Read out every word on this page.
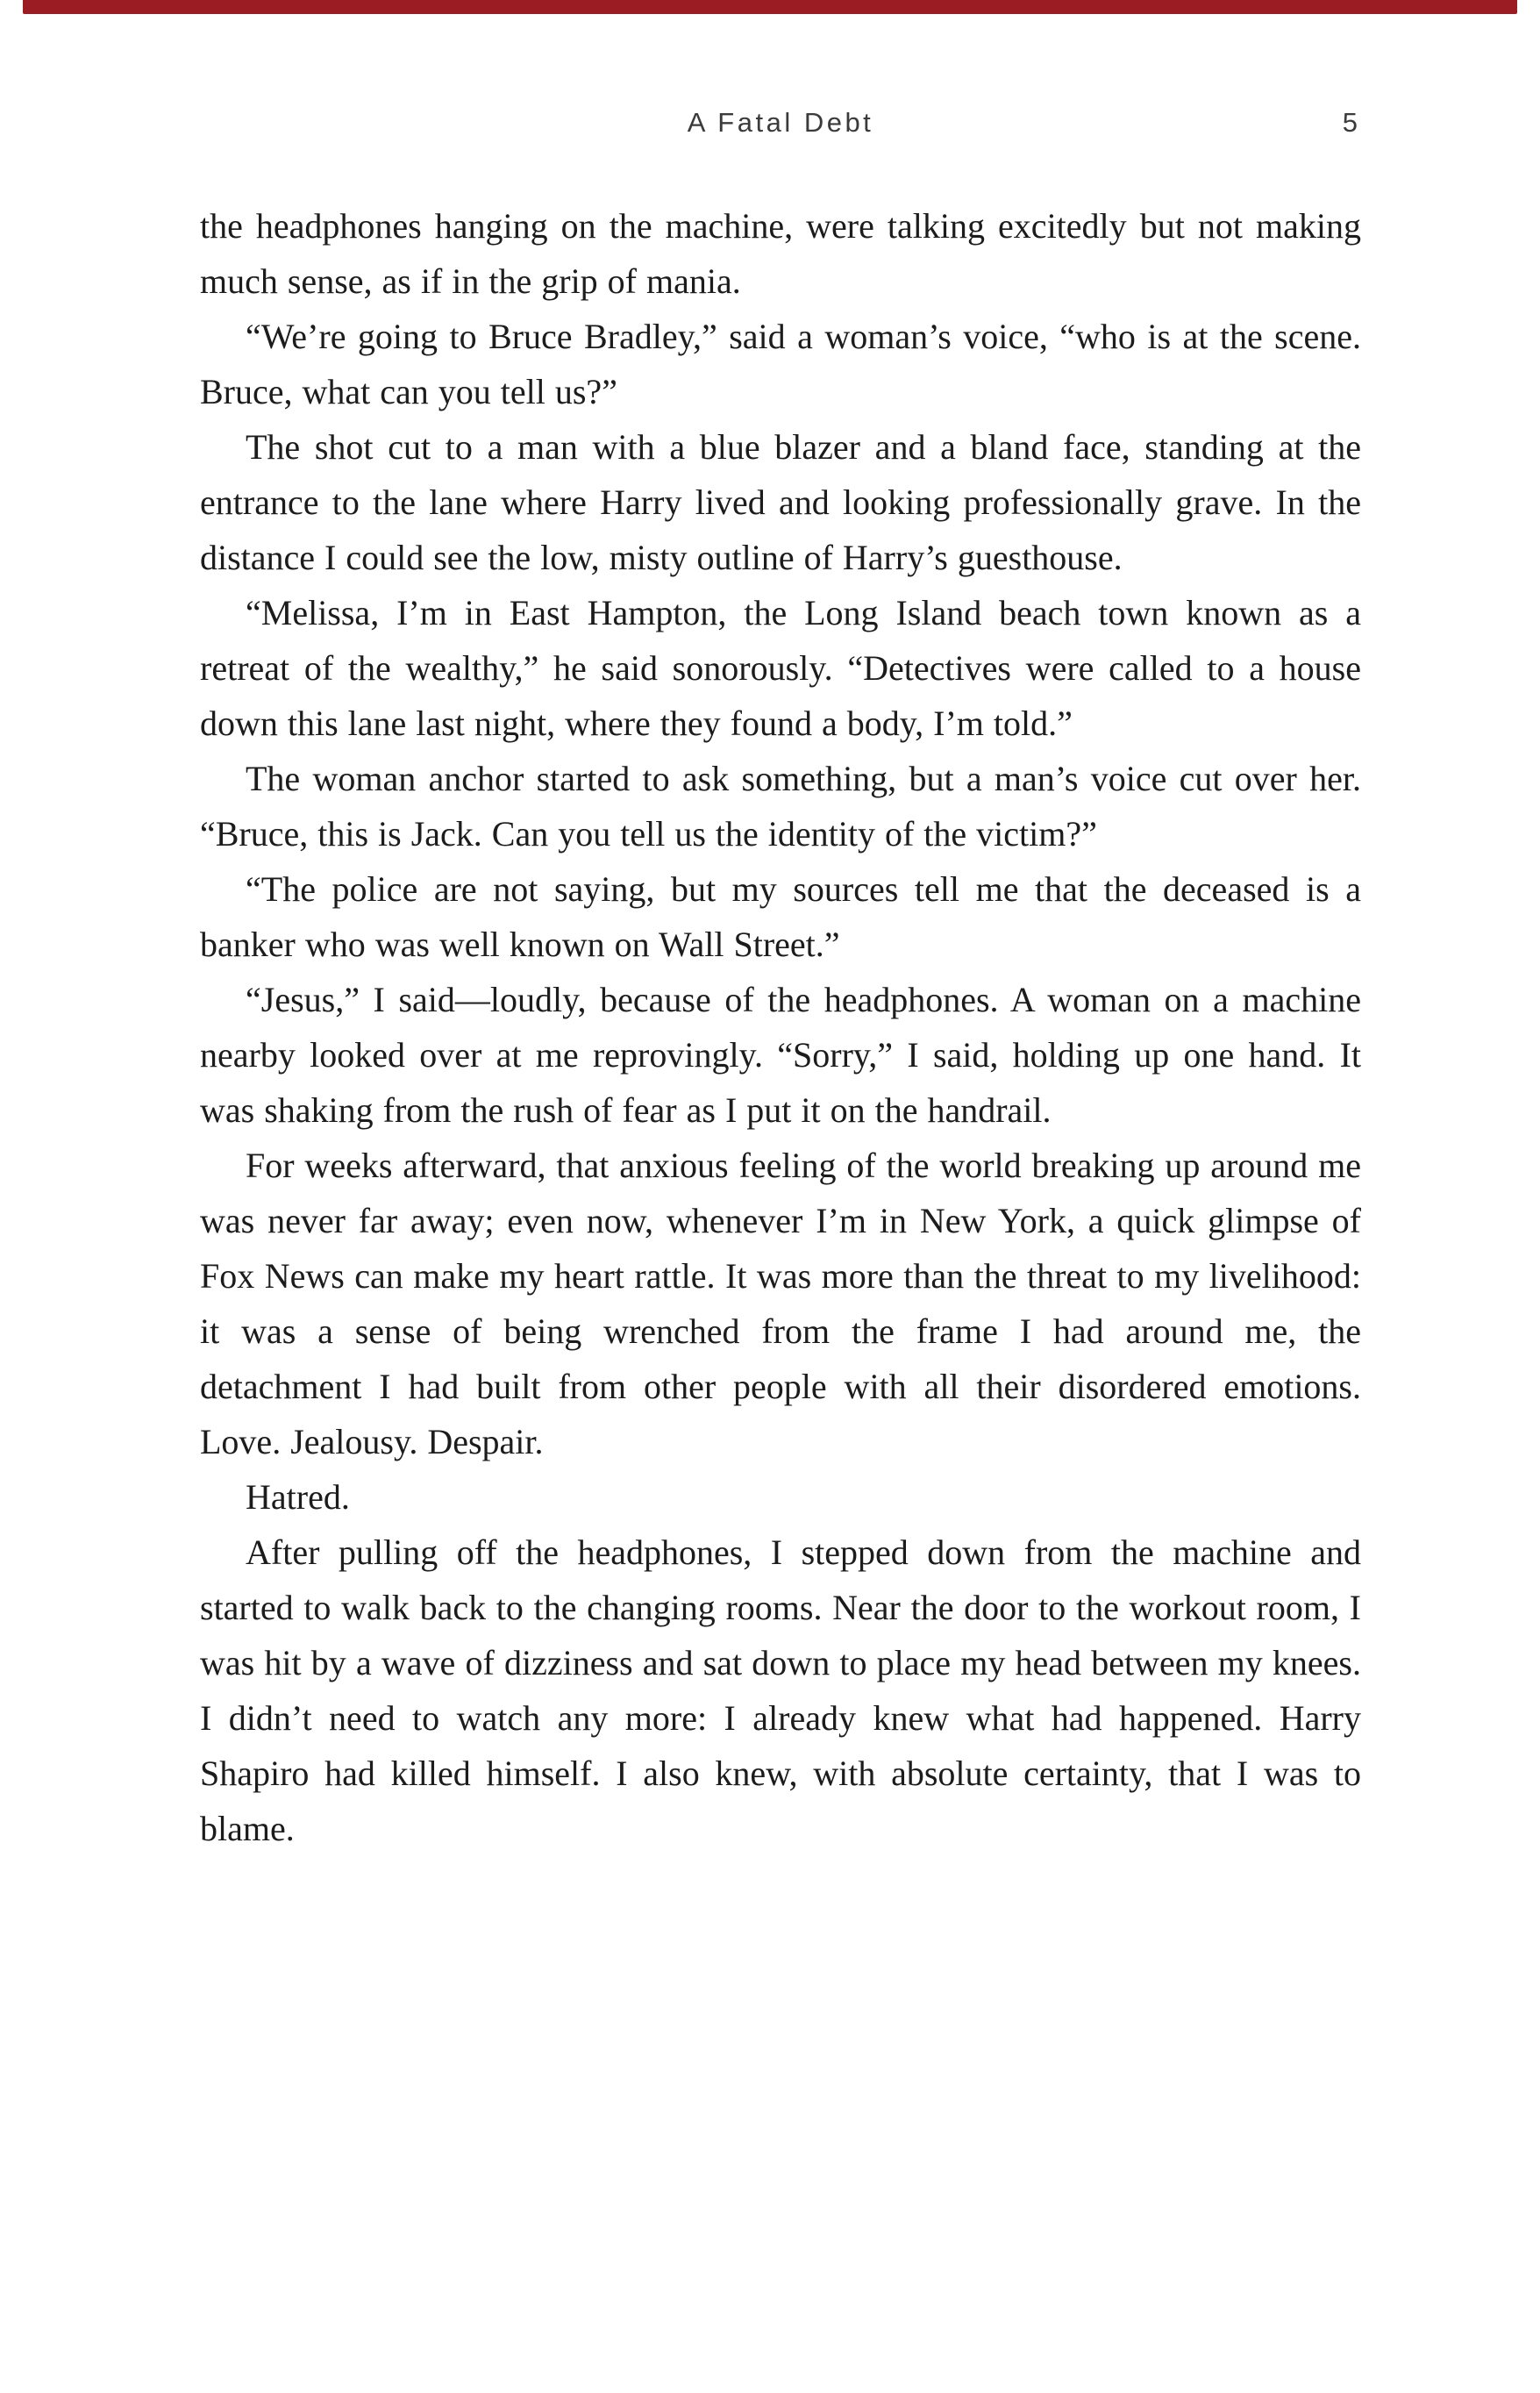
A Fatal Debt	5

the headphones hanging on the machine, were talking excitedly but not making much sense, as if in the grip of mania.

“We’re going to Bruce Bradley,” said a woman’s voice, “who is at the scene. Bruce, what can you tell us?”

The shot cut to a man with a blue blazer and a bland face, standing at the entrance to the lane where Harry lived and looking professionally grave. In the distance I could see the low, misty outline of Harry’s guesthouse.

“Melissa, I’m in East Hampton, the Long Island beach town known as a retreat of the wealthy,” he said sonorously. “Detectives were called to a house down this lane last night, where they found a body, I’m told.”

The woman anchor started to ask something, but a man’s voice cut over her. “Bruce, this is Jack. Can you tell us the identity of the victim?”

“The police are not saying, but my sources tell me that the deceased is a banker who was well known on Wall Street.”

“Jesus,” I said—loudly, because of the headphones. A woman on a machine nearby looked over at me reprovingly. “Sorry,” I said, holding up one hand. It was shaking from the rush of fear as I put it on the handrail.

For weeks afterward, that anxious feeling of the world breaking up around me was never far away; even now, whenever I’m in New York, a quick glimpse of Fox News can make my heart rattle. It was more than the threat to my livelihood: it was a sense of being wrenched from the frame I had around me, the detachment I had built from other people with all their disordered emotions. Love. Jealousy. Despair.

Hatred.

After pulling off the headphones, I stepped down from the machine and started to walk back to the changing rooms. Near the door to the workout room, I was hit by a wave of dizziness and sat down to place my head between my knees. I didn’t need to watch any more: I already knew what had happened. Harry Shapiro had killed himself. I also knew, with absolute certainty, that I was to blame.
